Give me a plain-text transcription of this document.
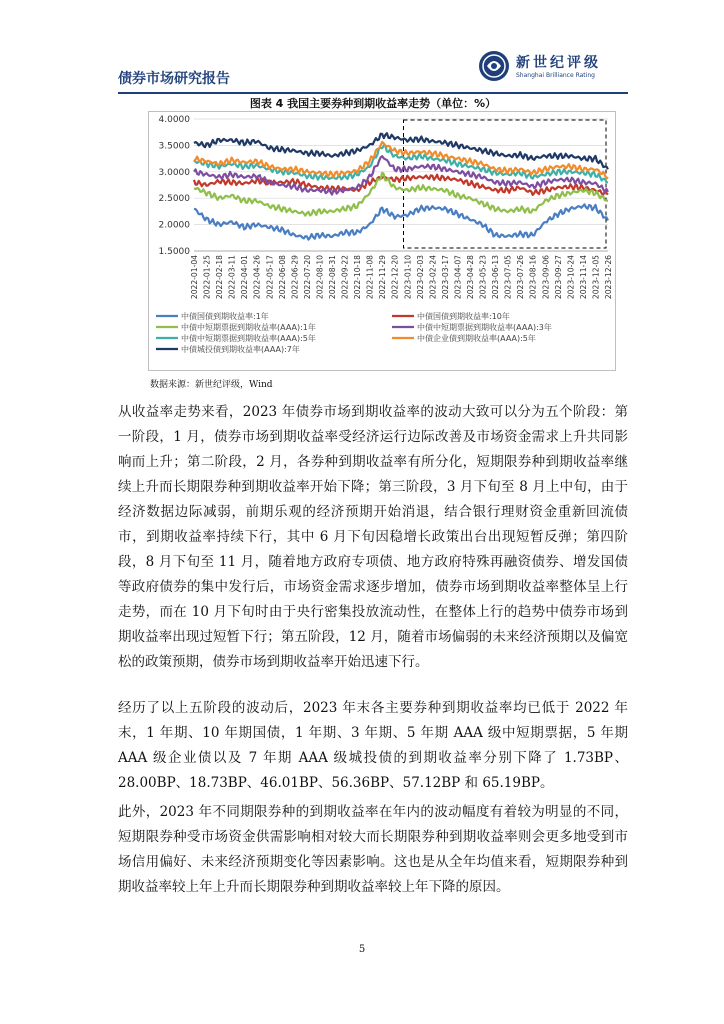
债券市场研究报告
新世纪评级
Shanghai Brilliance Rating
图表 4 我国主要券种到期收益率走势（单位：%）
4.0000
3.5000
3.0000
2.5000
2.0000
1.5000
2022-01-04 2022-01-25 2022-02-18 2022-03-11 2022-04-01 2022-04-26 2022-05-17 2022-06-08 2022-06-29 2022-07-20 2022-08-10 2022-08-31 2022-09-22 2022-10-18 2022-11-08 2022-11-29 2022-12-20 2023-01-10 2023-02-03 2023-02-24 2023-03-17 2023-04-07 2023-04-28 2023-05-23 2023-06-13 2023-07-05 2023-07-26 2023-08-16 2023-09-06 2023-09-27 2023-10-24 2023-11-14 2023-12-05 2023-12-26
中债国债到期收益率:1年	中债国债到期收益率:10年
中债中短期票据到期收益率(AAA):1年	中债中短期票据到期收益率(AAA):3年
中债中短期票据到期收益率(AAA):5年	中债企业债到期收益率(AAA):5年
中债城投债到期收益率(AAA):7年
数据来源：新世纪评级，Wind

从收益率走势来看，2023 年债券市场到期收益率的波动大致可以分为五个阶段：第一阶段，1 月，债券市场到期收益率受经济运行边际改善及市场资金需求上升共同影响而上升；第二阶段，2 月，各券种到期收益率有所分化，短期限券种到期收益率继续上升而长期限券种到期收益率开始下降；第三阶段，3 月下旬至 8 月上中旬，由于经济数据边际减弱，前期乐观的经济预期开始消退，结合银行理财资金重新回流债市，到期收益率持续下行，其中 6 月下旬因稳增长政策出台出现短暂反弹；第四阶段，8 月下旬至 11 月，随着地方政府专项债、地方政府特殊再融资债券、增发国债等政府债券的集中发行后，市场资金需求逐步增加，债券市场到期收益率整体呈上行走势，而在 10 月下旬时由于央行密集投放流动性，在整体上行的趋势中债券市场到期收益率出现过短暂下行；第五阶段，12 月，随着市场偏弱的未来经济预期以及偏宽松的政策预期，债券市场到期收益率开始迅速下行。

经历了以上五阶段的波动后，2023 年末各主要券种到期收益率均已低于 2022 年末，1 年期、10 年期国债，1 年期、3 年期、5 年期 AAA 级中短期票据，5 年期 AAA 级企业债以及 7 年期 AAA 级城投债的到期收益率分别下降了 1.73BP、28.00BP、18.73BP、46.01BP、56.36BP、57.12BP 和 65.19BP。

此外，2023 年不同期限券种的到期收益率在年内的波动幅度有着较为明显的不同，短期限券种受市场资金供需影响相对较大而长期限券种到期收益率则会更多地受到市场信用偏好、未来经济预期变化等因素影响。这也是从全年均值来看，短期限券种到期收益率较上年上升而长期限券种到期收益率较上年下降的原因。

5
